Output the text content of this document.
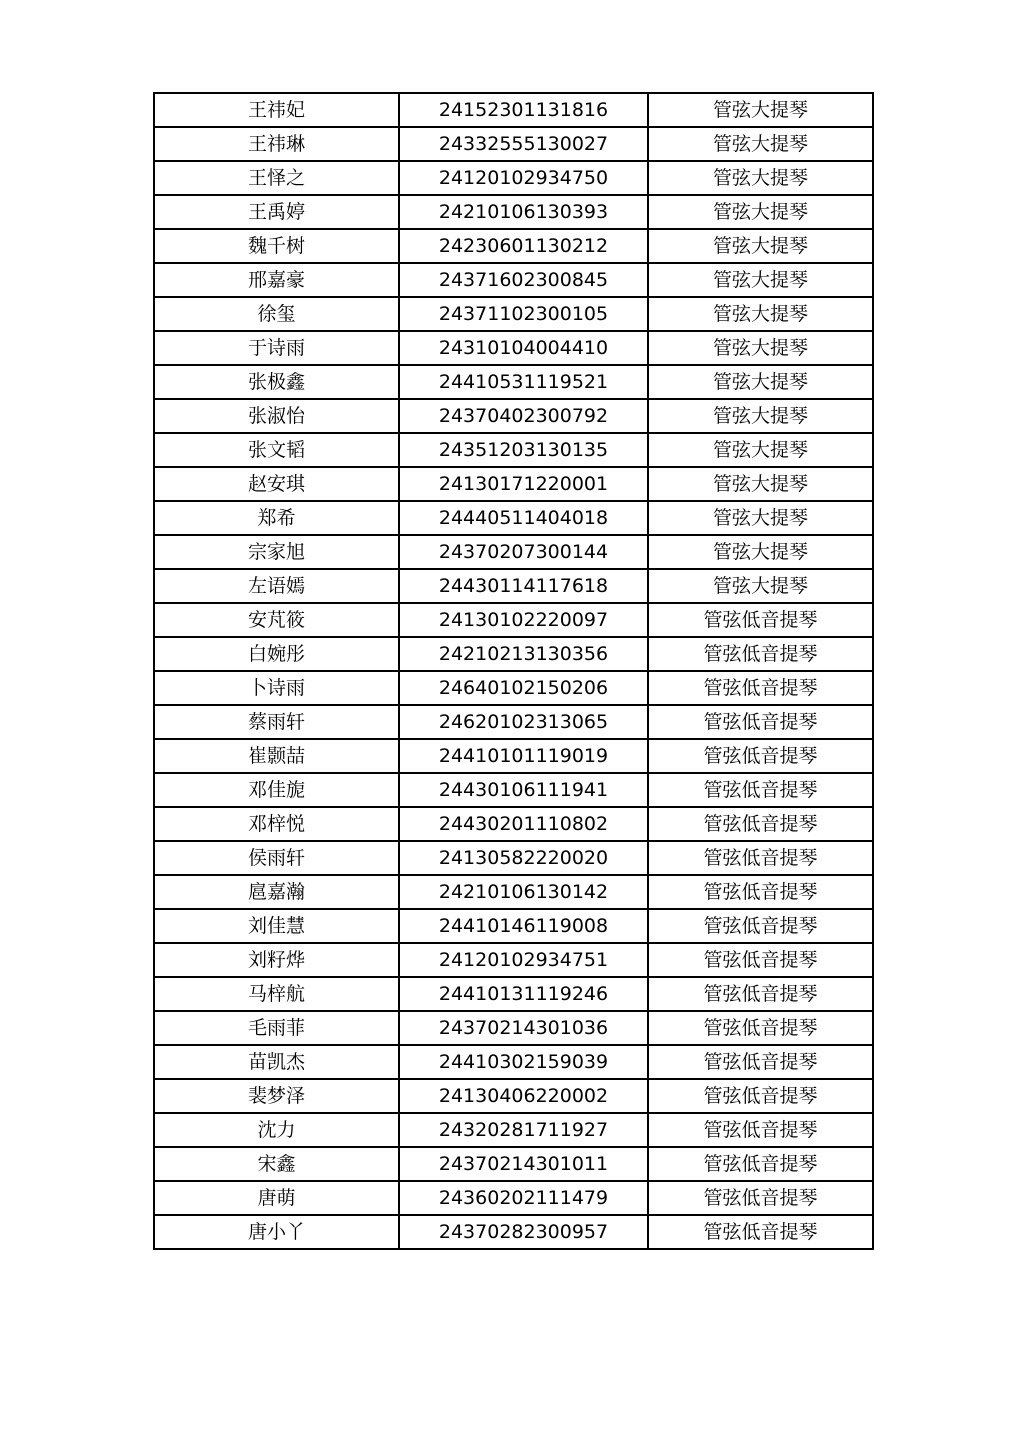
王祎妃	24152301131816	管弦大提琴
王祎琳	24332555130027	管弦大提琴
王怿之	24120102934750	管弦大提琴
王禹婷	24210106130393	管弦大提琴
魏千树	24230601130212	管弦大提琴
邢嘉豪	24371602300845	管弦大提琴
徐玺	24371102300105	管弦大提琴
于诗雨	24310104004410	管弦大提琴
张极鑫	24410531119521	管弦大提琴
张淑怡	24370402300792	管弦大提琴
张文韬	24351203130135	管弦大提琴
赵安琪	24130171220001	管弦大提琴
郑希	24440511404018	管弦大提琴
宗家旭	24370207300144	管弦大提琴
左语嫣	24430114117618	管弦大提琴
安芃筱	24130102220097	管弦低音提琴
白婉彤	24210213130356	管弦低音提琴
卜诗雨	24640102150206	管弦低音提琴
蔡雨轩	24620102313065	管弦低音提琴
崔颢喆	24410101119019	管弦低音提琴
邓佳旎	24430106111941	管弦低音提琴
邓梓悦	24430201110802	管弦低音提琴
侯雨轩	24130582220020	管弦低音提琴
扈嘉瀚	24210106130142	管弦低音提琴
刘佳慧	24410146119008	管弦低音提琴
刘籽烨	24120102934751	管弦低音提琴
马梓航	24410131119246	管弦低音提琴
毛雨菲	24370214301036	管弦低音提琴
苗凯杰	24410302159039	管弦低音提琴
裴梦泽	24130406220002	管弦低音提琴
沈力	24320281711927	管弦低音提琴
宋鑫	24370214301011	管弦低音提琴
唐萌	24360202111479	管弦低音提琴
唐小丫	24370282300957	管弦低音提琴
